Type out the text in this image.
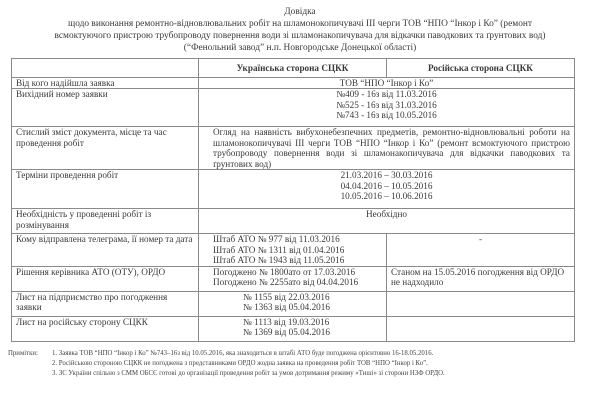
Довідка
щодо виконання ремонтно-відновлювальних робіт на шламонокопичувачі ІІІ черги ТОВ “НПО “Інкор і Ко” (ремонт
всмоктуючого пристрою трубопроводу повернення води зі шламонакопичувача для відкачки паводкових та ґрунтових вод)
(“Фенольний завод” н.п. Новгородське Донецької області)
	Українська сторона СЦКК	Російська сторона СЦКК
Від кого надійшла заявка	ТОВ “НПО “Інкор і Ко”	

Вихідний номер заявки	№409 - 16з від 11.03.2016
№525 - 16з від 31.03.2016
№743 - 16з від 10.05.2016	

Стислий зміст документа, місце та час проведення робіт	Огляд на наявність вибухонебезпечних предметів, ремонтно-відновлювальні роботи на шламонокопичувачі ІІІ черги ТОВ “НПО “Інкор і Ко” (ремонт всмоктуючого пристрою трубопроводу повернення води зі шламонакопичувача для відкачки паводкових та ґрунтових вод)	
Терміни проведення робіт	21.03.2016 – 30.03.2016
04.04.2016 – 10.05.2016
10.05.2016 – 10.06.2016	

Необхідність у проведенні робіт із розмінування	Необхідно	

Кому відправлена телеграма, її номер та дата	Штаб АТО № 977 від 11.03.2016
Штаб АТО № 1311 від 01.04.2016
Штаб АТО № 1943 від 11.05.2016	-
Рішення керівника АТО (ОТУ), ОРДО	Погоджено № 1800ато от 17.03.2016
Погоджено № 2255ато від 04.04.2016	Станом на 15.05.2016 погодження від ОРДО не надходило
Лист на підприємство про погодження заявки	№ 1155 від 22.03.2016
№ 1363 від 05.04.2016	

Лист на російську сторону СЦКК	№ 1113 від 19.03.2016
№ 1369 від 05.04.2016	

Примітки:	1. Заявка ТОВ “НПО “Інкор і Ко” №743–16з від 10.05.2016, яка знаходиться в штабі АТО буде погоджена орієнтовно 16-18.05.2016.
2. Російською стороною СЦКК не погоджена з представниками ОРДО жодна заявка на проведення робіт ТОВ “НПО “Інкор і Ко”.
3. ЗС України спільно з СММ ОБСЄ готові до організації проведення робіт за умов дотримання режиму «Тиші» зі сторони НЗФ ОРДО.
